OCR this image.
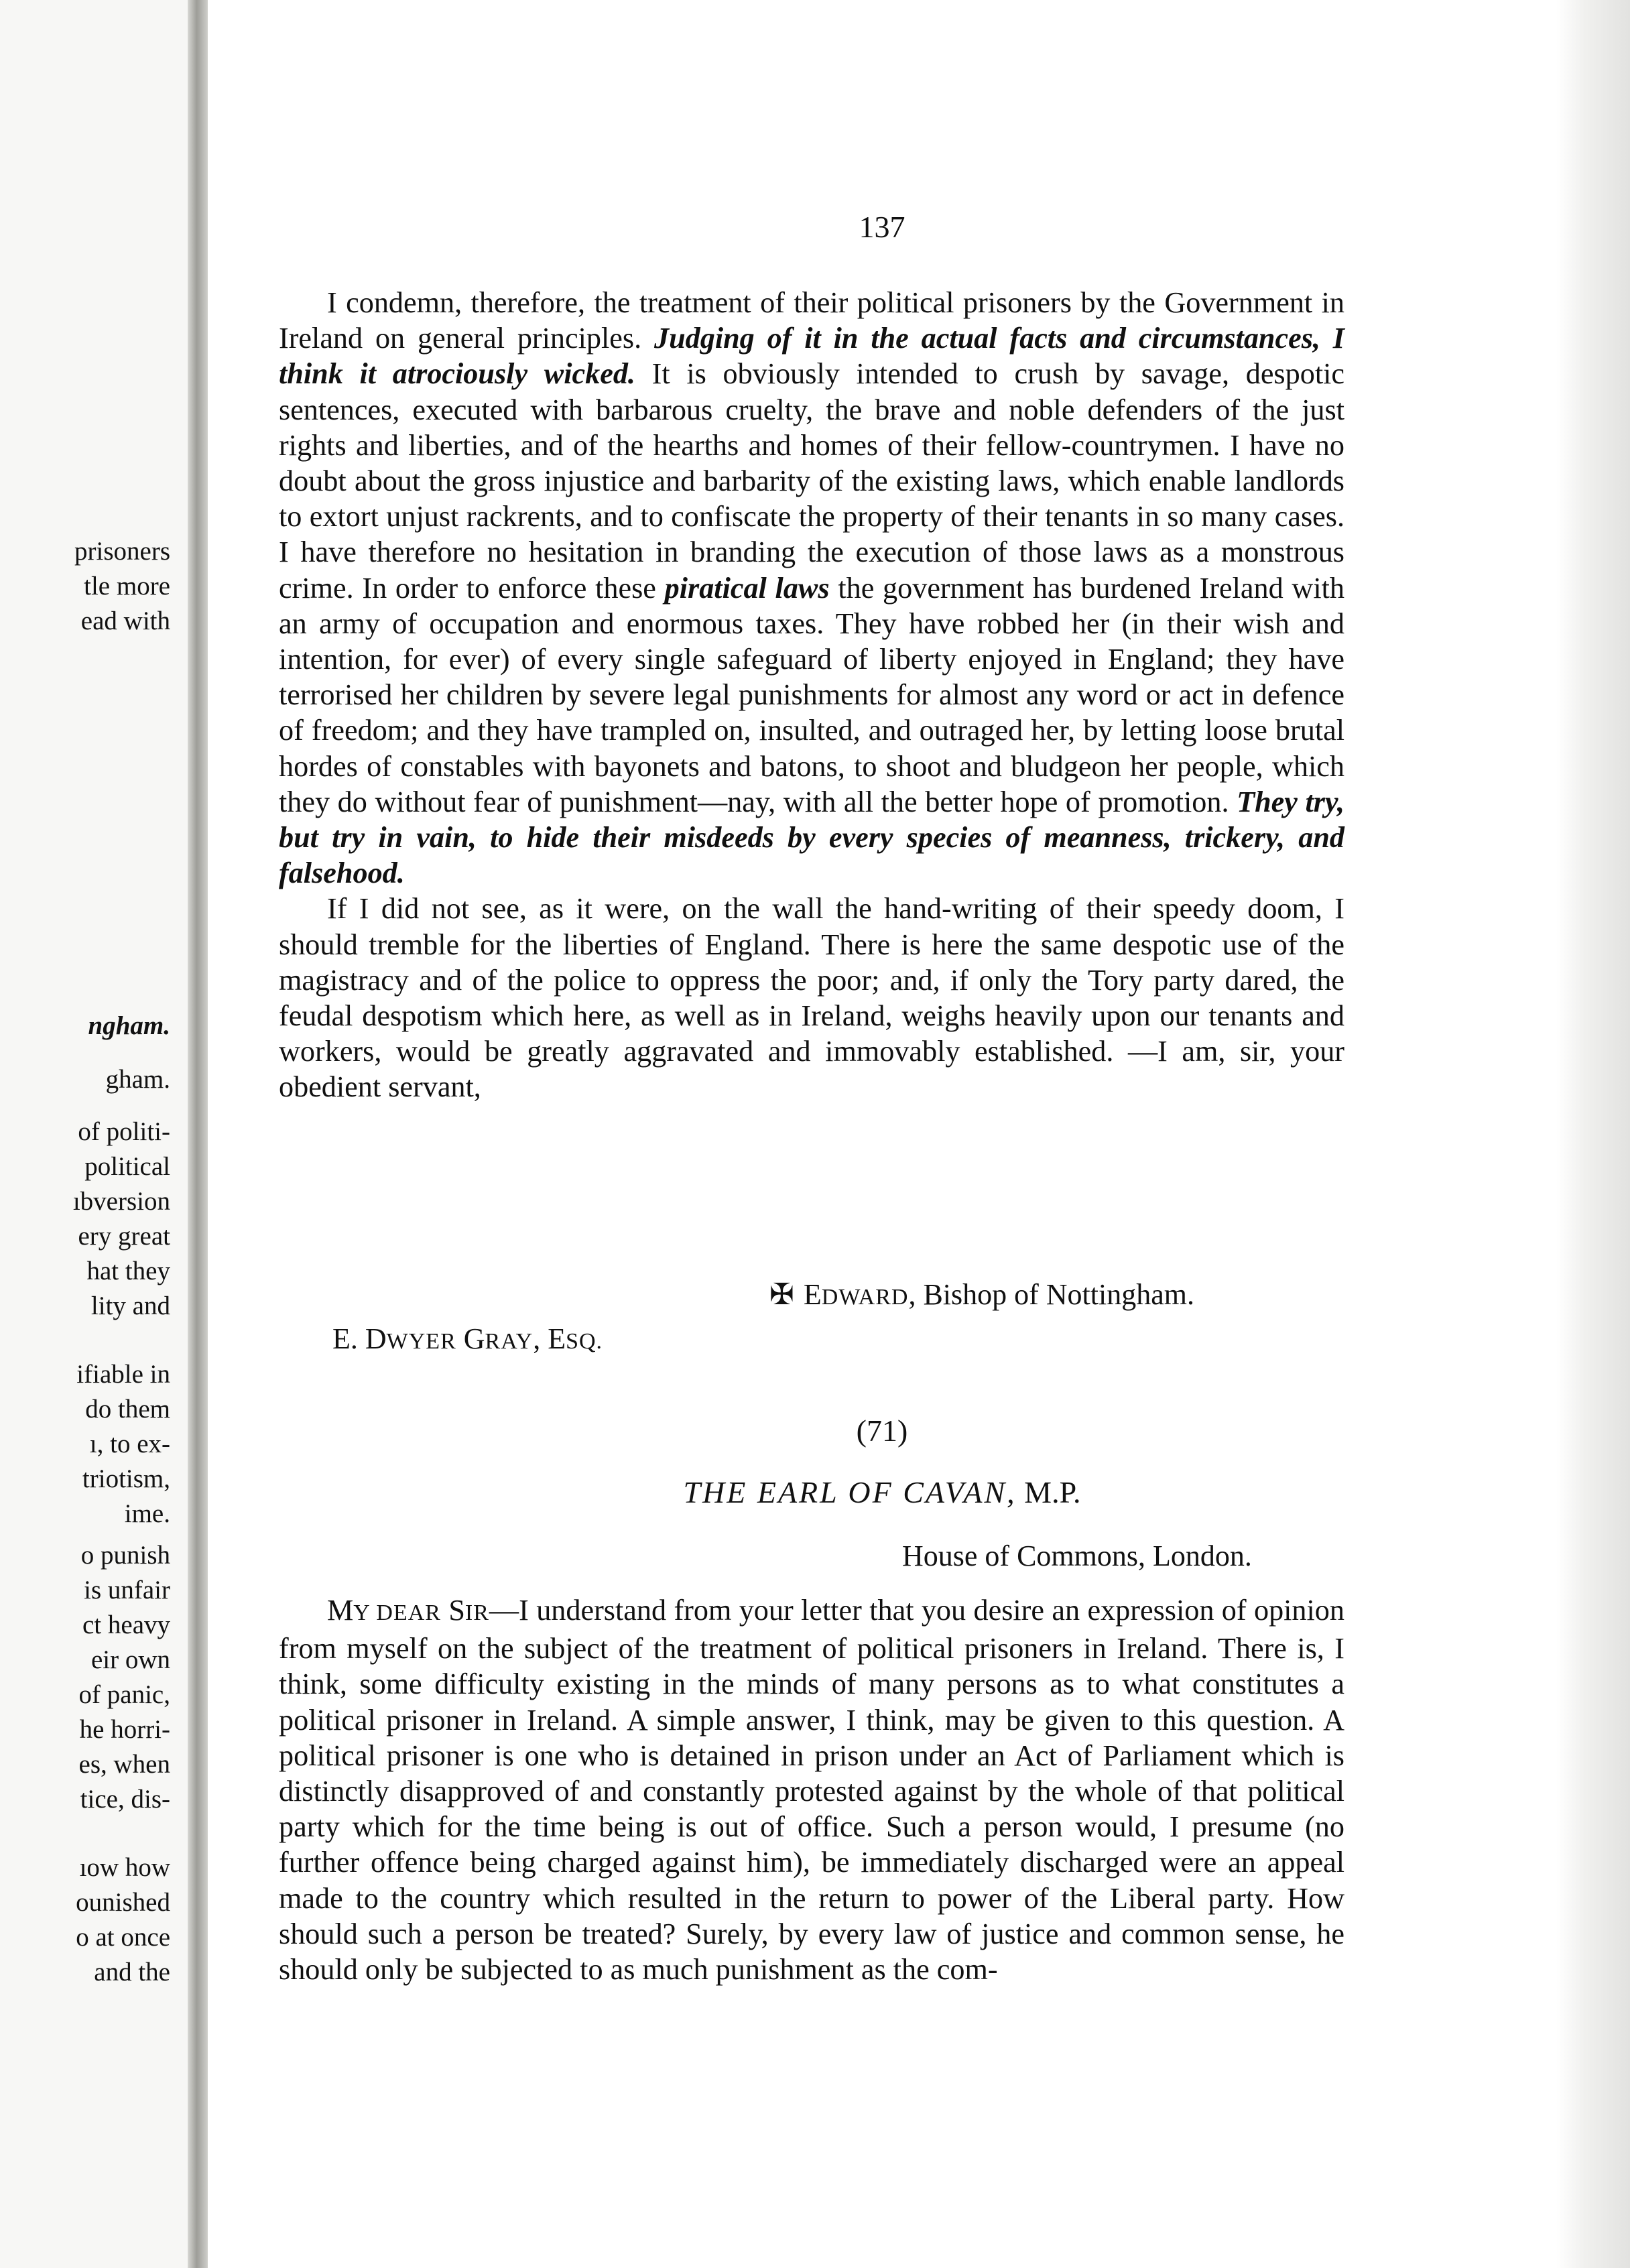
prisoners
tle more
ead with
ngham.
gham.
of politi-
political
ıbversion
ery great
hat they
lity and
ifiable in
do them
ı, to ex-
triotism,
ime.
o punish
is unfair
ct heavy
eir own
of panic,
he horri-
es, when
tice, dis-
ıow how
ounished
o at once
and the
137

I condemn, therefore, the treatment of their political prisoners by the Government in Ireland on general principles. Judging of it in the actual facts and circumstances, I think it atrociously wicked. It is obviously intended to crush by savage, despotic sentences, executed with barbarous cruelty, the brave and noble defenders of the just rights and liberties, and of the hearths and homes of their fellow-countrymen. I have no doubt about the gross injustice and barbarity of the existing laws, which enable landlords to extort unjust rackrents, and to confiscate the property of their tenants in so many cases. I have therefore no hesitation in branding the execution of those laws as a monstrous crime. In order to enforce these piratical laws the government has burdened Ireland with an army of occupation and enormous taxes. They have robbed her (in their wish and intention, for ever) of every single safeguard of liberty enjoyed in England; they have terrorised her children by severe legal punishments for almost any word or act in defence of freedom; and they have trampled on, insulted, and outraged her, by letting loose brutal hordes of constables with bayonets and batons, to shoot and bludgeon her people, which they do without fear of punishment—nay, with all the better hope of promotion. They try, but try in vain, to hide their misdeeds by every species of meanness, trickery, and falsehood.

If I did not see, as it were, on the wall the hand-writing of their speedy doom, I should tremble for the liberties of England. There is here the same despotic use of the magistracy and of the police to oppress the poor; and, if only the Tory party dared, the feudal despotism which here, as well as in Ireland, weighs heavily upon our tenants and workers, would be greatly aggravated and immovably established. —I am, sir, your obedient servant,

✠ EDWARD, Bishop of Nottingham.
E. DWYER GRAY, ESQ.
(71)
THE EARL OF CAVAN, M.P.
House of Commons, London.

MY DEAR SIR—I understand from your letter that you desire an expression of opinion from myself on the subject of the treatment of political prisoners in Ireland. There is, I think, some difficulty existing in the minds of many persons as to what constitutes a political prisoner in Ireland. A simple answer, I think, may be given to this question. A political prisoner is one who is detained in prison under an Act of Parliament which is distinctly disapproved of and constantly protested against by the whole of that political party which for the time being is out of office. Such a person would, I presume (no further offence being charged against him), be immediately discharged were an appeal made to the country which resulted in the return to power of the Liberal party. How should such a person be treated? Surely, by every law of justice and common sense, he should only be subjected to as much punishment as the com-
